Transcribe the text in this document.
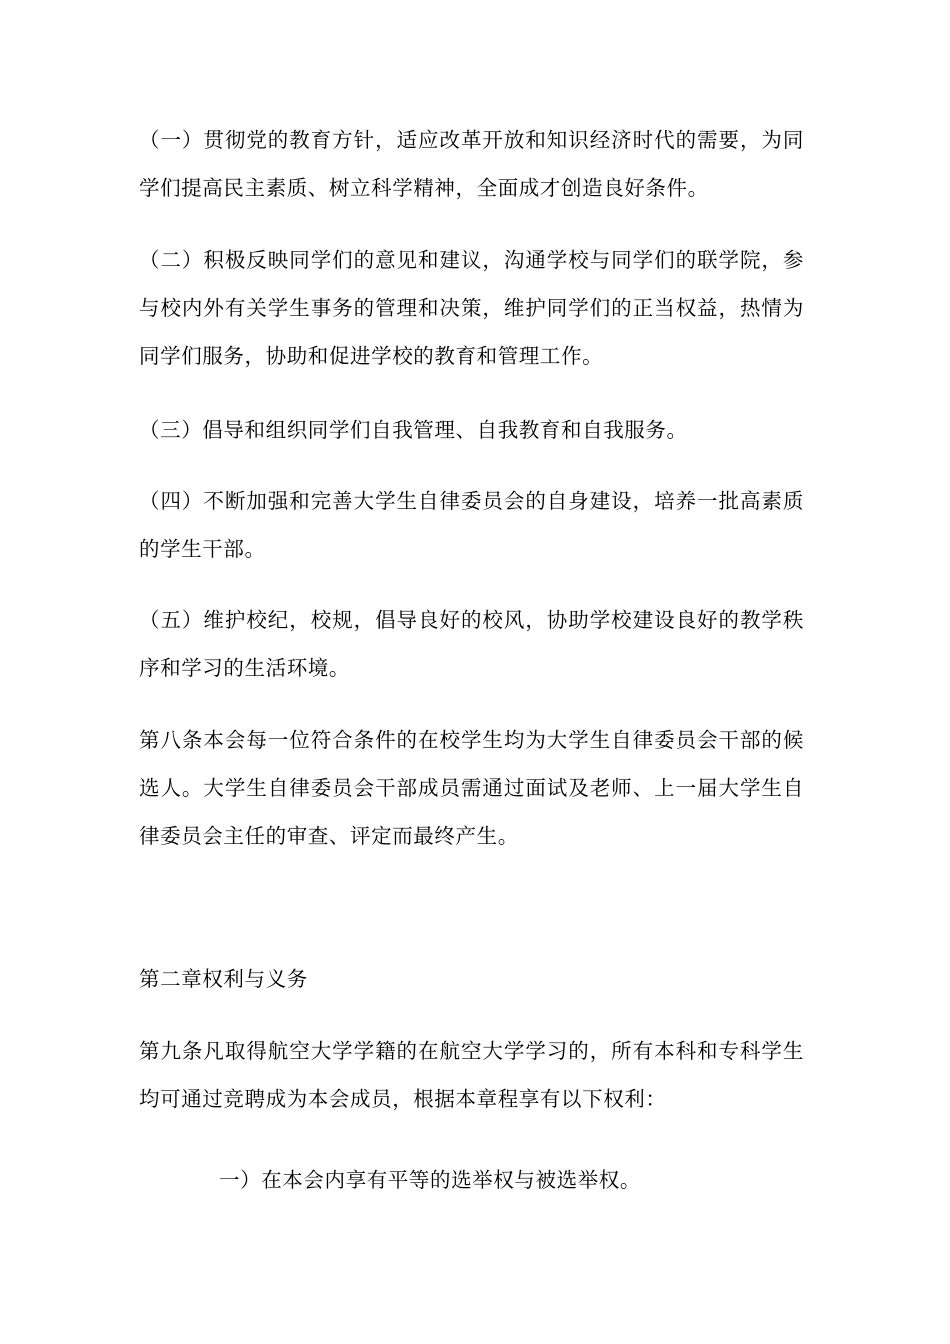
（一）贯彻党的教育方针，适应改革开放和知识经济时代的需要，为同学们提高民主素质、树立科学精神，全面成才创造良好条件。

（二）积极反映同学们的意见和建议，沟通学校与同学们的联学院，参与校内外有关学生事务的管理和决策，维护同学们的正当权益，热情为同学们服务，协助和促进学校的教育和管理工作。

（三）倡导和组织同学们自我管理、自我教育和自我服务。

（四）不断加强和完善大学生自律委员会的自身建设，培养一批高素质的学生干部。

（五）维护校纪，校规，倡导良好的校风，协助学校建设良好的教学秩序和学习的生活环境。

第八条本会每一位符合条件的在校学生均为大学生自律委员会干部的候选人。大学生自律委员会干部成员需通过面试及老师、上一届大学生自律委员会主任的审查、评定而最终产生。

第二章权利与义务

第九条凡取得航空大学学籍的在航空大学学习的，所有本科和专科学生均可通过竞聘成为本会成员，根据本章程享有以下权利：

一）在本会内享有平等的选举权与被选举权。
